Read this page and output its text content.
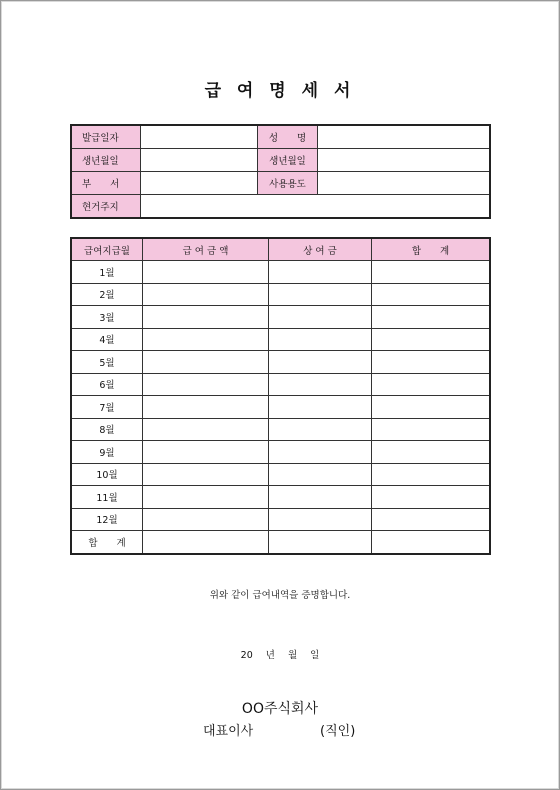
급 여 명 세 서
발급일자		성　　명	
생년월일		생년월일	
부　　서		사용용도	
현거주지			
급여지급월	급 여 금 액	상 여 금	합　　계
1월			
2월			
3월			
4월			
5월			
6월			
7월			
8월			
9월			
10월			
11월			
12월			
합　　계			
위와 같이 급여내역을 증명합니다.
20 년 월 일
OO주식회사
대표이사	(직인)
